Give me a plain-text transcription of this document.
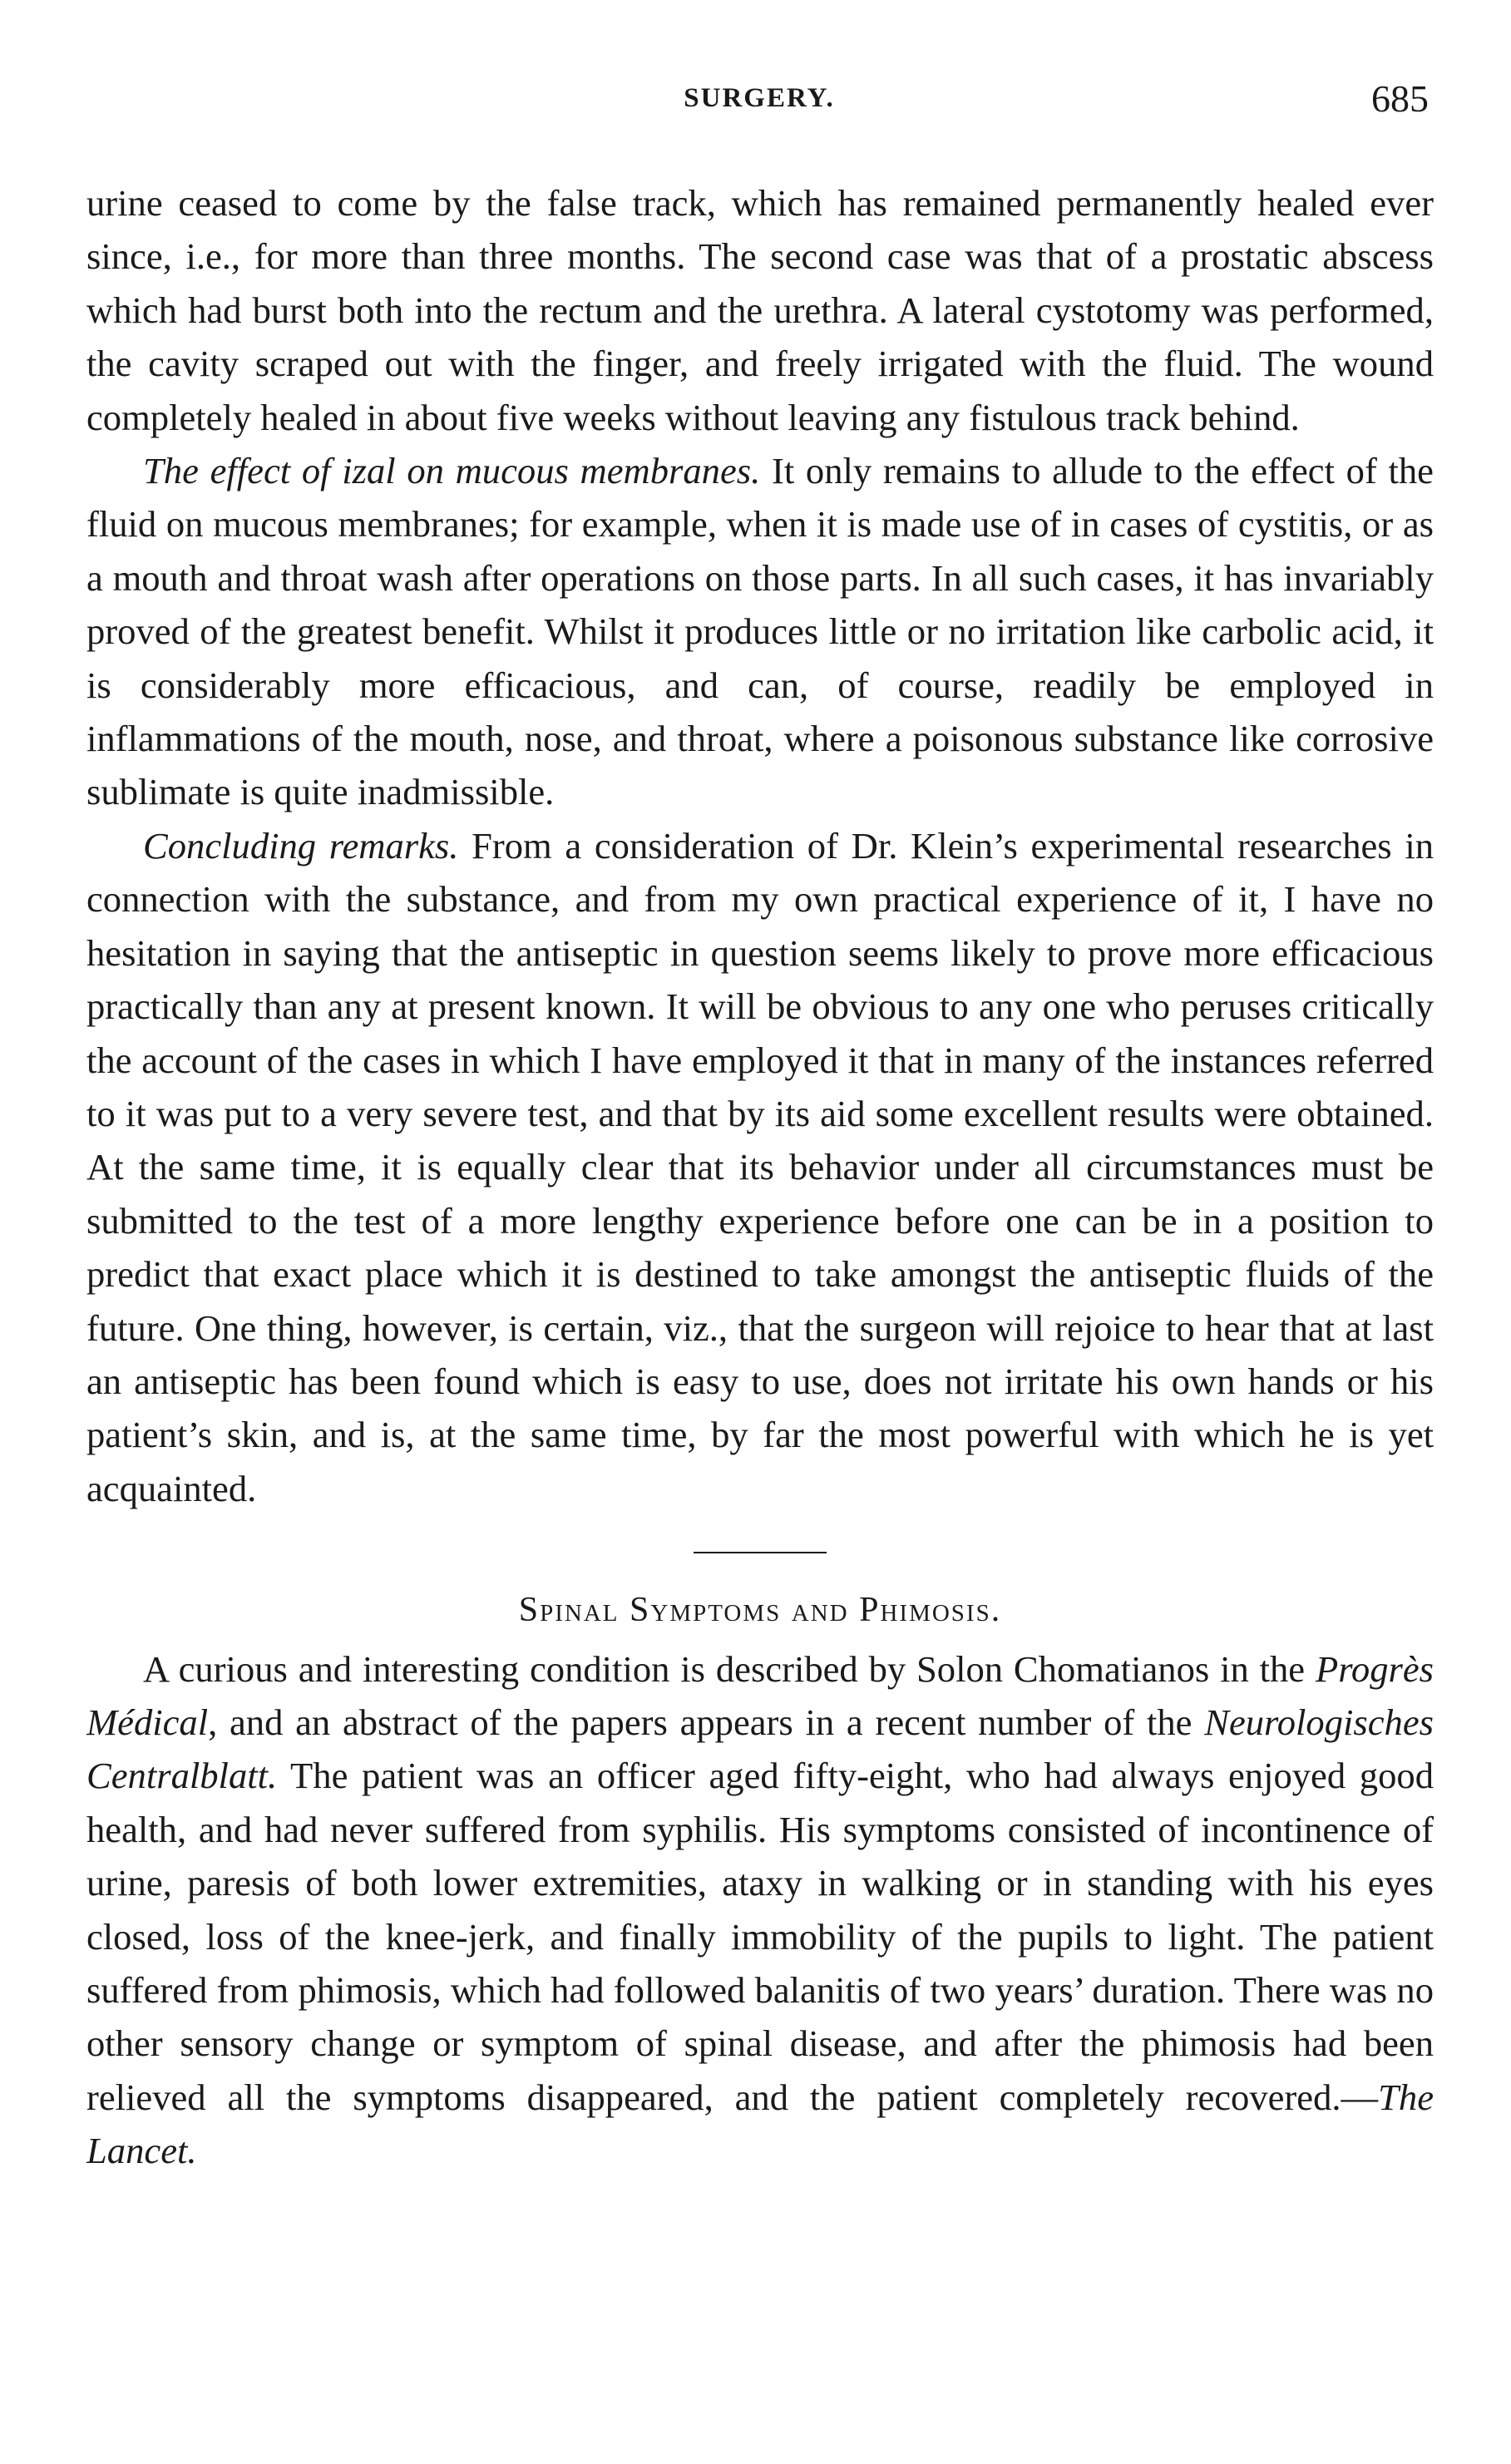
SURGERY.	685

urine ceased to come by the false track, which has remained permanently healed ever since, i.e., for more than three months. The second case was that of a prostatic abscess which had burst both into the rectum and the urethra. A lateral cystotomy was performed, the cavity scraped out with the finger, and freely irrigated with the fluid. The wound completely healed in about five weeks without leaving any fistulous track behind.

The effect of izal on mucous membranes. It only remains to allude to the effect of the fluid on mucous membranes; for example, when it is made use of in cases of cystitis, or as a mouth and throat wash after operations on those parts. In all such cases, it has invariably proved of the greatest benefit. Whilst it produces little or no irritation like carbolic acid, it is considerably more efficacious, and can, of course, readily be employed in inflammations of the mouth, nose, and throat, where a poisonous substance like corrosive sublimate is quite inadmissible.

Concluding remarks. From a consideration of Dr. Klein’s experimental researches in connection with the substance, and from my own practical experience of it, I have no hesitation in saying that the antiseptic in question seems likely to prove more efficacious practically than any at present known. It will be obvious to any one who peruses critically the account of the cases in which I have employed it that in many of the instances referred to it was put to a very severe test, and that by its aid some excellent results were obtained. At the same time, it is equally clear that its behavior under all circumstances must be submitted to the test of a more lengthy experience before one can be in a position to predict that exact place which it is destined to take amongst the antiseptic fluids of the future. One thing, however, is certain, viz., that the surgeon will rejoice to hear that at last an antiseptic has been found which is easy to use, does not irritate his own hands or his patient’s skin, and is, at the same time, by far the most powerful with which he is yet acquainted.

Spinal Symptoms and Phimosis.

A curious and interesting condition is described by Solon Chomatianos in the Progrès Médical, and an abstract of the papers appears in a recent number of the Neurologisches Centralblatt. The patient was an officer aged fifty-eight, who had always enjoyed good health, and had never suffered from syphilis. His symptoms consisted of incontinence of urine, paresis of both lower extremities, ataxy in walking or in standing with his eyes closed, loss of the knee-jerk, and finally immobility of the pupils to light. The patient suffered from phimosis, which had followed balanitis of two years’ duration. There was no other sensory change or symptom of spinal disease, and after the phimosis had been relieved all the symptoms disappeared, and the patient completely recovered.—The Lancet.
